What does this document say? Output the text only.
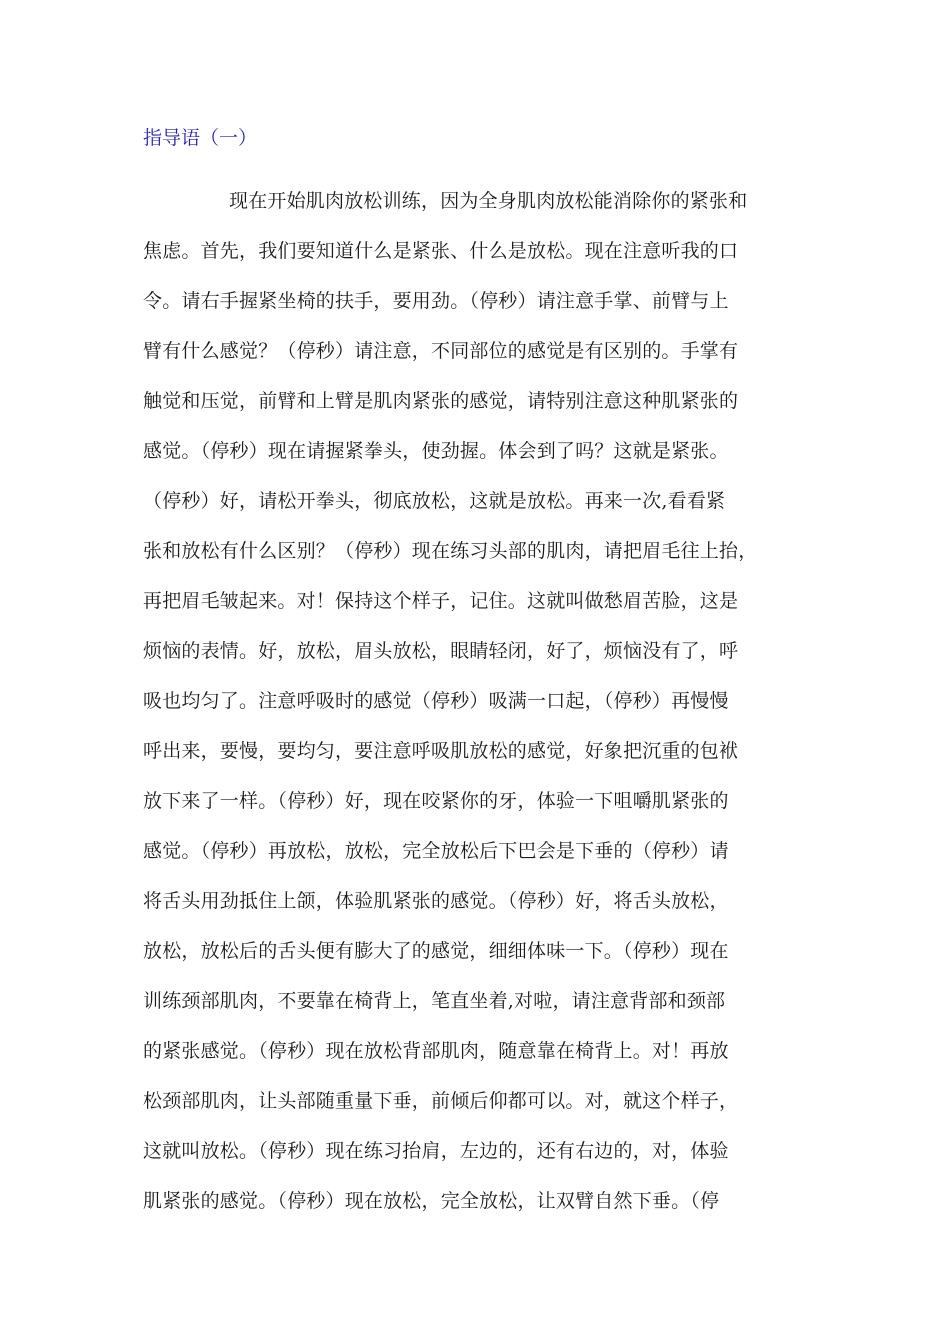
指导语（一）
现在开始肌肉放松训练，因为全身肌肉放松能消除你的紧张和
焦虑。首先，我们要知道什么是紧张、什么是放松。现在注意听我的口
令。请右手握紧坐椅的扶手，要用劲。（停秒）请注意手掌、前臂与上
臂有什么感觉？（停秒）请注意，不同部位的感觉是有区别的。手掌有
触觉和压觉，前臂和上臂是肌肉紧张的感觉，请特别注意这种肌紧张的
感觉。（停秒）现在请握紧拳头，使劲握。体会到了吗？这就是紧张。
（停秒）好，请松开拳头，彻底放松，这就是放松。再来一次,看看紧
张和放松有什么区别？（停秒）现在练习头部的肌肉，请把眉毛往上抬，
再把眉毛皱起来。对！保持这个样子，记住。这就叫做愁眉苦脸，这是
烦恼的表情。好，放松，眉头放松，眼睛轻闭，好了，烦恼没有了，呼
吸也均匀了。注意呼吸时的感觉（停秒）吸满一口起，（停秒）再慢慢
呼出来，要慢，要均匀，要注意呼吸肌放松的感觉，好象把沉重的包袱
放下来了一样。（停秒）好，现在咬紧你的牙，体验一下咀嚼肌紧张的
感觉。（停秒）再放松，放松，完全放松后下巴会是下垂的（停秒）请
将舌头用劲抵住上颌，体验肌紧张的感觉。（停秒）好，将舌头放松，
放松，放松后的舌头便有膨大了的感觉，细细体味一下。（停秒）现在
训练颈部肌肉，不要靠在椅背上，笔直坐着,对啦，请注意背部和颈部
的紧张感觉。（停秒）现在放松背部肌肉，随意靠在椅背上。对！再放
松颈部肌肉，让头部随重量下垂，前倾后仰都可以。对，就这个样子，
这就叫放松。（停秒）现在练习抬肩，左边的，还有右边的，对，体验
肌紧张的感觉。（停秒）现在放松，完全放松，让双臂自然下垂。（停
